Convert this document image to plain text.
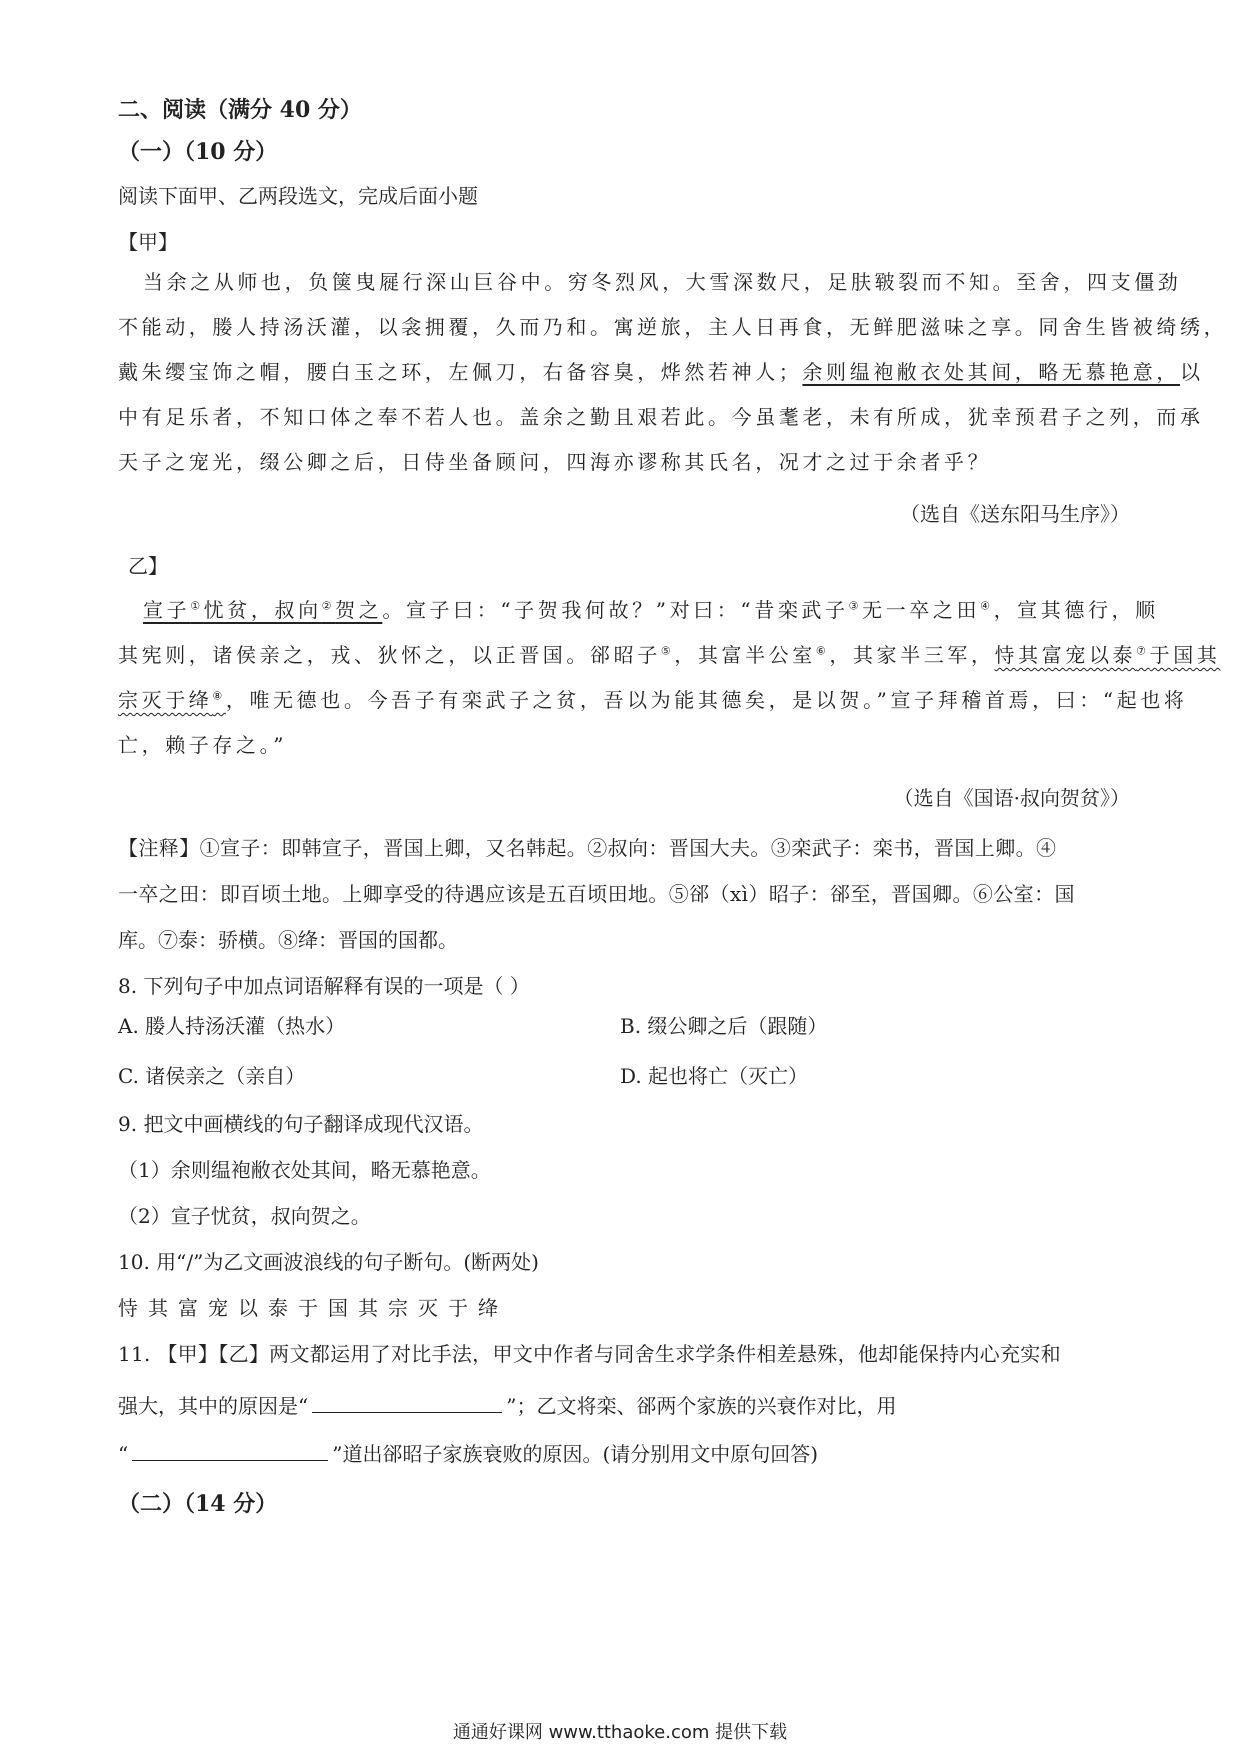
二、阅读（满分 40 分）
（一）（10 分）
阅读下面甲、乙两段选文，完成后面小题
【甲】
当余之从师也，负箧曳屣行深山巨谷中。穷冬烈风，大雪深数尺，足肤皲裂而不知。至舍，四支僵劲
不能动，媵人持汤沃灌，以衾拥覆，久而乃和。寓逆旅，主人日再食，无鲜肥滋味之享。同舍生皆被绮绣，
戴朱缨宝饰之帽，腰白玉之环，左佩刀，右备容臭，烨然若神人；余则缊袍敝衣处其间，略无慕艳意，以
中有足乐者，不知口体之奉不若人也。盖余之勤且艰若此。今虽耄老，未有所成，犹幸预君子之列，而承
天子之宠光，缀公卿之后，日侍坐备顾问，四海亦谬称其氏名，况才之过于余者乎？
（选自《送东阳马生序》）
乙】
宣子①忧贫，叔向②贺之。宣子曰：“子贺我何故？”对曰：“昔栾武子③无一卒之田④，宣其德行，顺
其宪则，诸侯亲之，戎、狄怀之，以正晋国。郤昭子⑤，其富半公室⑥，其家半三军，恃其富宠以泰⑦于国其
宗灭于绛⑧，唯无德也。今吾子有栾武子之贫，吾以为能其德矣，是以贺。”宣子拜稽首焉，曰：“起也将
亡，赖子存之。”
（选自《国语·叔向贺贫》）
【注释】①宣子：即韩宣子，晋国上卿，又名韩起。②叔向：晋国大夫。③栾武子：栾书，晋国上卿。④
一卒之田：即百顷土地。上卿享受的待遇应该是五百顷田地。⑤郤（xì）昭子：郤至，晋国卿。⑥公室：国
库。⑦泰：骄横。⑧绛：晋国的国都。
8. 下列句子中加点词语解释有误的一项是（ ）
A. 媵人持汤沃灌（热水）	B. 缀公卿之后（跟随）
C. 诸侯亲之（亲自）	D. 起也将亡（灭亡）
9. 把文中画横线的句子翻译成现代汉语。
（1）余则缊袍敝衣处其间，略无慕艳意。
（2）宣子忧贫，叔向贺之。
10. 用“/”为乙文画波浪线的句子断句。(断两处)
恃其富宠以泰于国其宗灭于绛
11. 【甲】【乙】两文都运用了对比手法，甲文中作者与同舍生求学条件相差悬殊，他却能保持内心充实和
强大，其中的原因是“	”；乙文将栾、郤两个家族的兴衰作对比，用
“	”道出郤昭子家族衰败的原因。(请分别用文中原句回答)
（二）（14 分）
通通好课网 www.tthaoke.com 提供下载
